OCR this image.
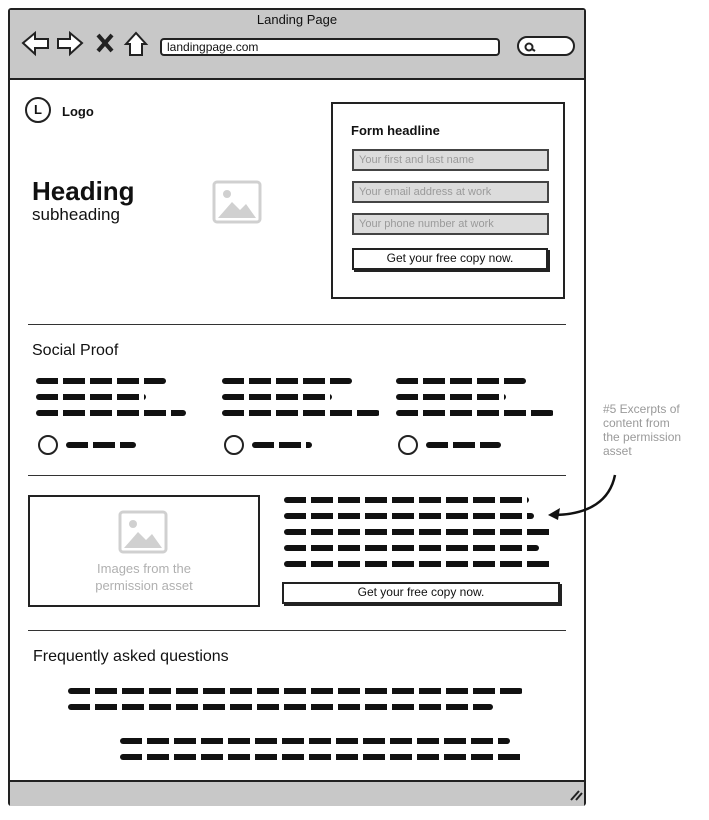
Landing Page
landingpage.com
L	Logo
Heading
subheading
Form headline
Your first and last name
Your email address at work
Your phone number at work
Get your free copy now.
Social Proof
Images from the
permission asset	Get your free copy now.
#5 Excerpts of
content from
the permission
asset
Frequently asked questions
